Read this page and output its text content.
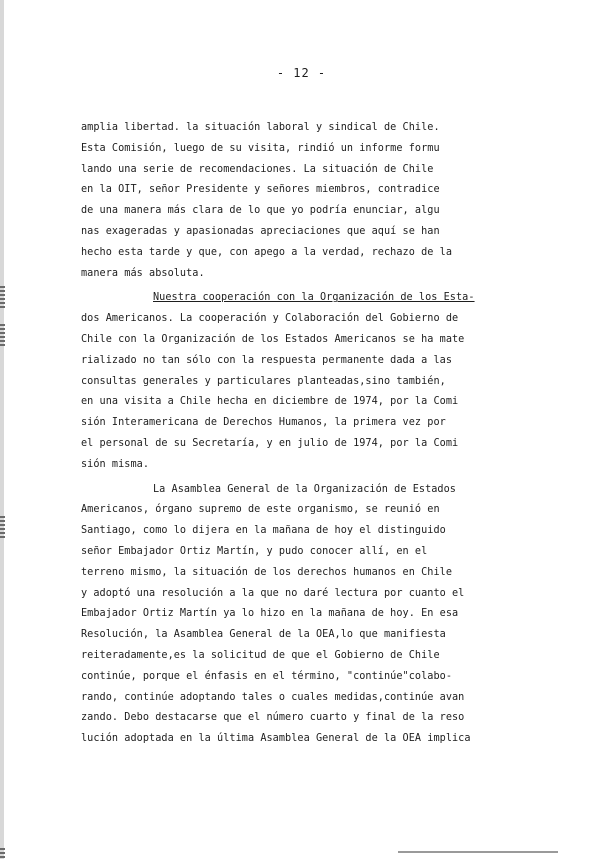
- 12 -
amplia libertad. la situación laboral y sindical de Chile.
Esta Comisión, luego de su visita, rindió un informe formu
lando una serie de recomendaciones. La situación de Chile
en la OIT, señor Presidente y señores miembros, contradice
de una manera más clara de lo que yo podría enunciar, algu
nas exageradas y apasionadas apreciaciones que aquí se han
hecho esta tarde y que, con apego a la verdad, rechazo de la
manera más absoluta.
Nuestra cooperación con la Organización de los Esta-
dos Americanos. La cooperación y Colaboración del Gobierno de
Chile con la Organización de los Estados Americanos se ha mate
rializado no tan sólo con la respuesta permanente dada a las
consultas generales y particulares planteadas,sino también,
en una visita a Chile hecha en diciembre de 1974, por la Comi
sión Interamericana de Derechos Humanos, la primera vez por
el personal de su Secretaría, y en julio de 1974, por la Comi
sión misma.
La Asamblea General de la Organización de Estados
Americanos, órgano supremo de este organismo, se reunió en
Santiago, como lo dijera en la mañana de hoy el distinguido
señor Embajador Ortiz Martín, y pudo conocer allí, en el
terreno mismo, la situación de los derechos humanos en Chile
y adoptó una resolución a la que no daré lectura por cuanto el
Embajador Ortiz Martín ya lo hizo en la mañana de hoy. En esa
Resolución, la Asamblea General de la OEA,lo que manifiesta
reiteradamente,es la solicitud de que el Gobierno de Chile
continúe, porque el énfasis en el término, "continúe"colabo-
rando, continúe adoptando tales o cuales medidas,continúe avan
zando. Debo destacarse que el número cuarto y final de la reso
lución adoptada en la última Asamblea General de la OEA implica
